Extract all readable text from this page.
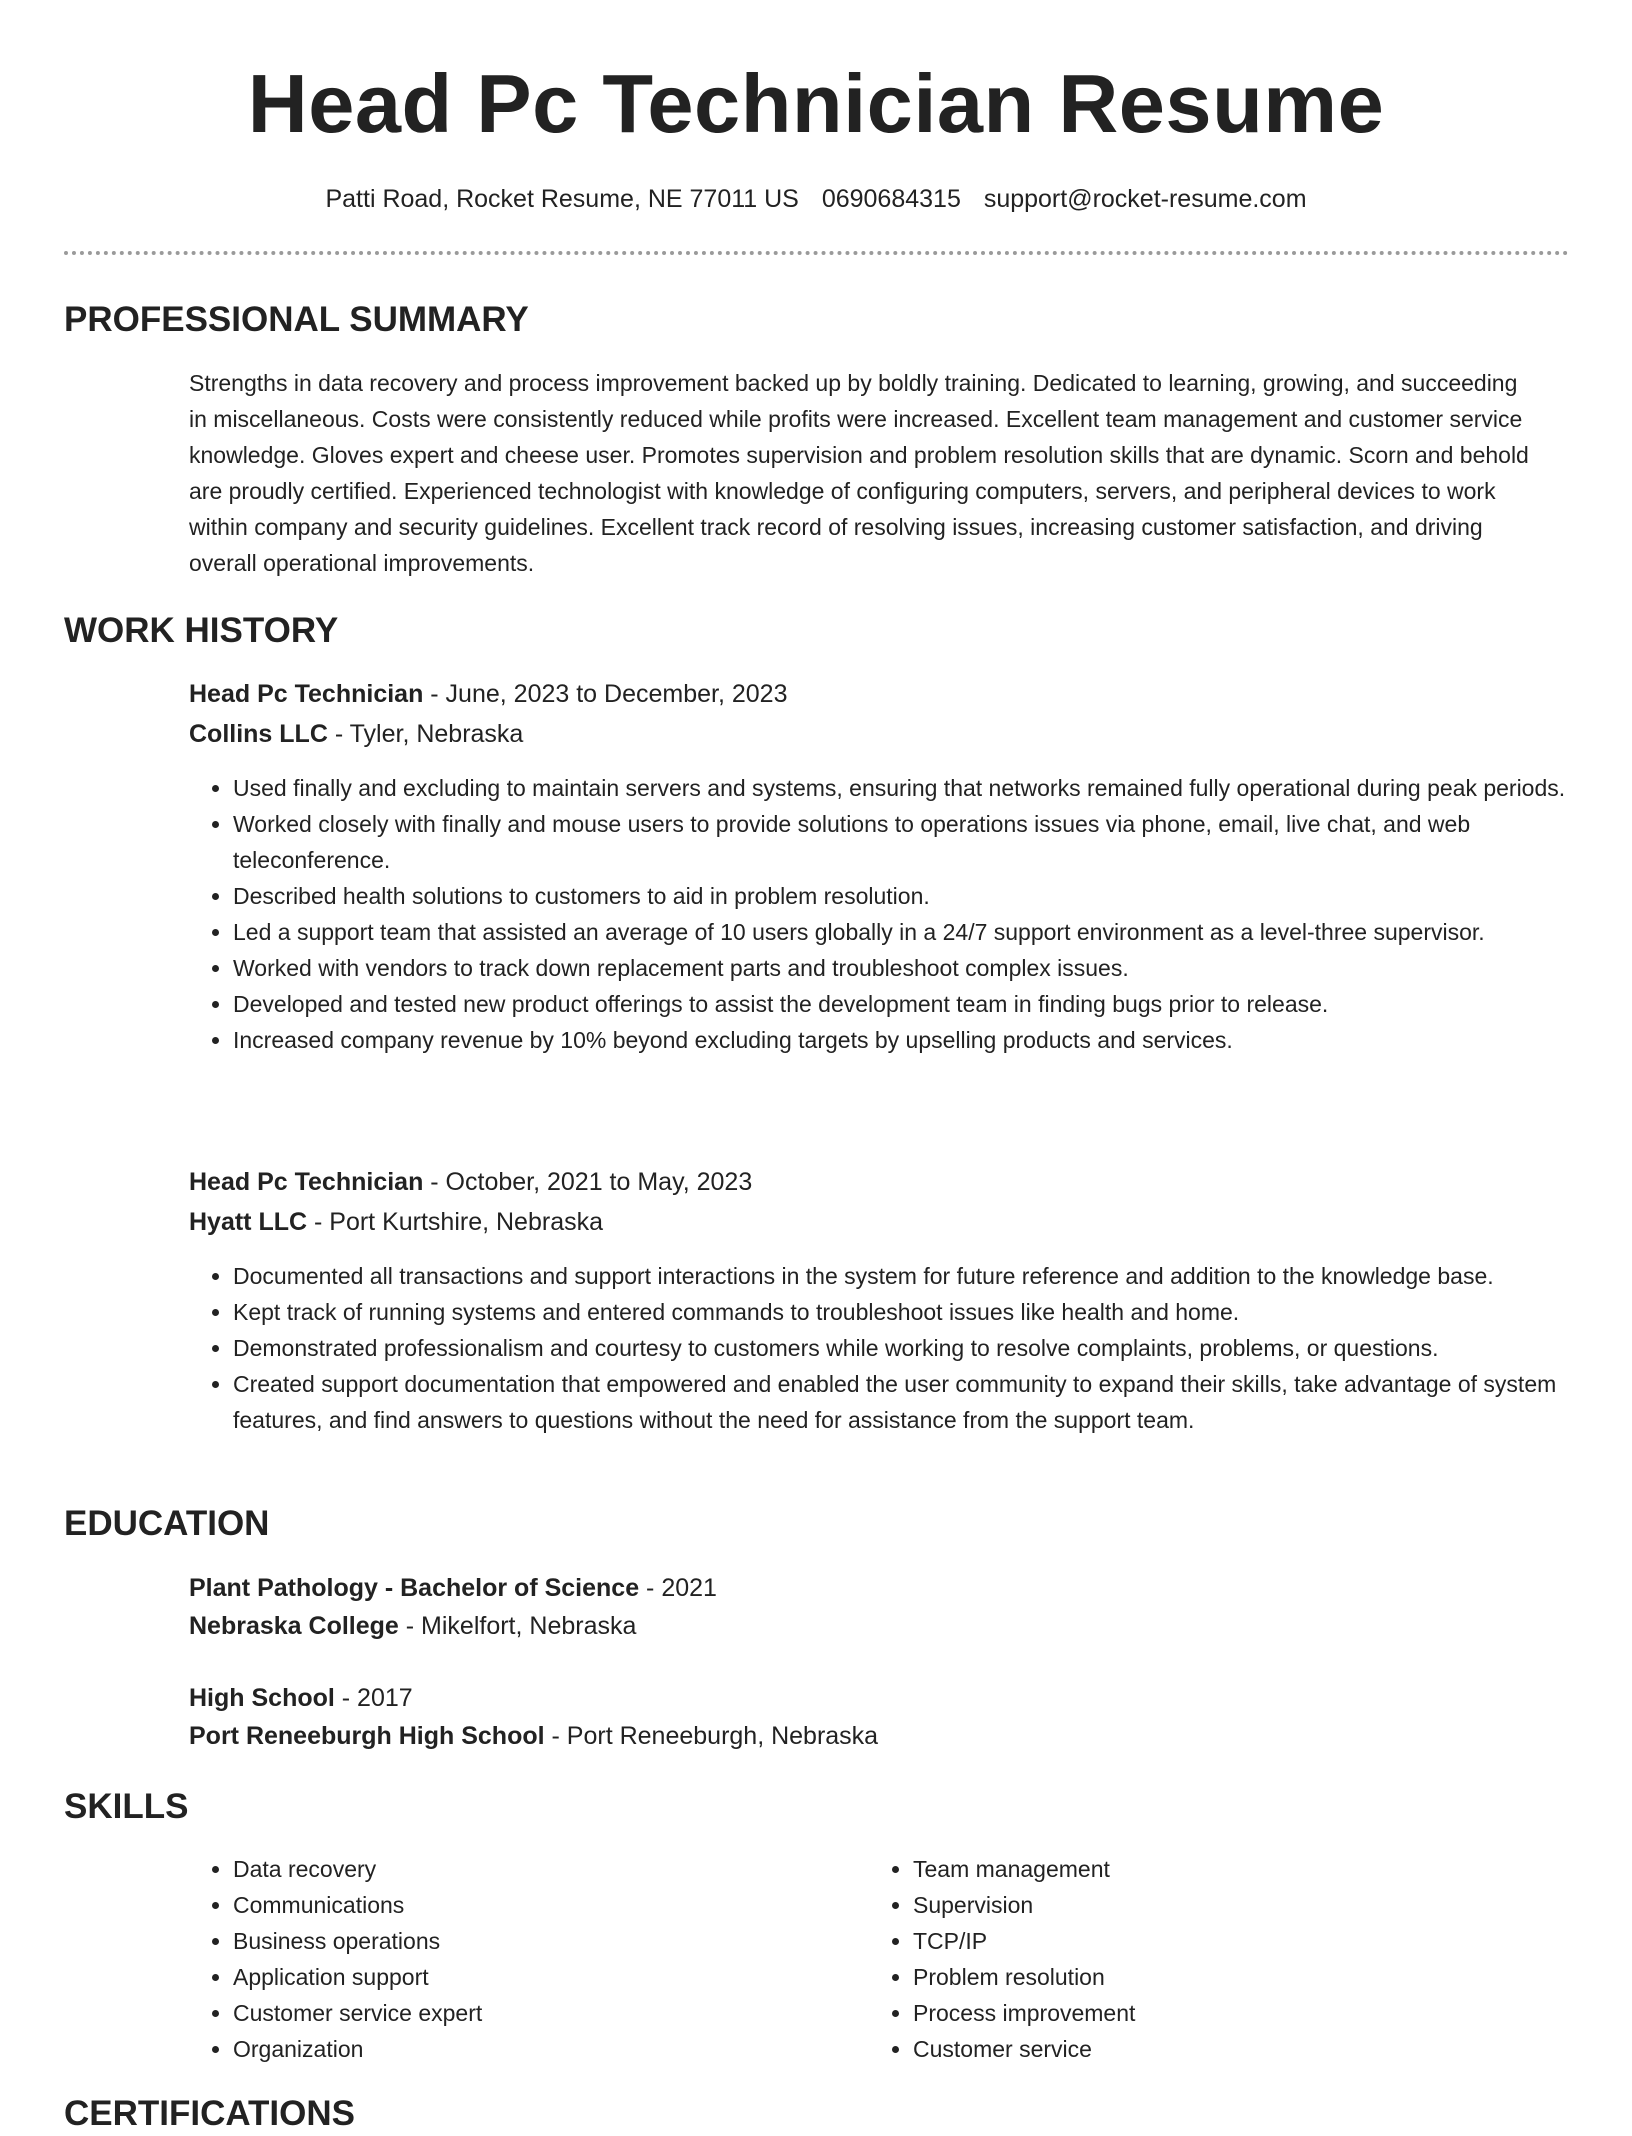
Head Pc Technician Resume
Patti Road, Rocket Resume, NE 77011 US 0690684315 support@rocket-resume.com
PROFESSIONAL SUMMARY

Strengths in data recovery and process improvement backed up by boldly training. Dedicated to learning, growing, and succeeding in miscellaneous. Costs were consistently reduced while profits were increased. Excellent team management and customer service knowledge. Gloves expert and cheese user. Promotes supervision and problem resolution skills that are dynamic. Scorn and behold are proudly certified. Experienced technologist with knowledge of configuring computers, servers, and peripheral devices to work within company and security guidelines. Excellent track record of resolving issues, increasing customer satisfaction, and driving overall operational improvements.

WORK HISTORY
Head Pc Technician - June, 2023 to December, 2023
Collins LLC - Tyler, Nebraska
• Used finally and excluding to maintain servers and systems, ensuring that networks remained fully operational during peak periods.
• Worked closely with finally and mouse users to provide solutions to operations issues via phone, email, live chat, and web teleconference.
• Described health solutions to customers to aid in problem resolution.
• Led a support team that assisted an average of 10 users globally in a 24/7 support environment as a level-three supervisor.
• Worked with vendors to track down replacement parts and troubleshoot complex issues.
• Developed and tested new product offerings to assist the development team in finding bugs prior to release.
• Increased company revenue by 10% beyond excluding targets by upselling products and services.
Head Pc Technician - October, 2021 to May, 2023
Hyatt LLC - Port Kurtshire, Nebraska
• Documented all transactions and support interactions in the system for future reference and addition to the knowledge base.
• Kept track of running systems and entered commands to troubleshoot issues like health and home.
• Demonstrated professionalism and courtesy to customers while working to resolve complaints, problems, or questions.
• Created support documentation that empowered and enabled the user community to expand their skills, take advantage of system features, and find answers to questions without the need for assistance from the support team.
EDUCATION
Plant Pathology - Bachelor of Science - 2021
Nebraska College - Mikelfort, Nebraska
High School - 2017
Port Reneeburgh High School - Port Reneeburgh, Nebraska
SKILLS
• Data recovery
• Communications
• Business operations
• Application support
• Customer service expert
• Organization
• Team management
• Supervision
• TCP/IP
• Problem resolution
• Process improvement
• Customer service
CERTIFICATIONS
